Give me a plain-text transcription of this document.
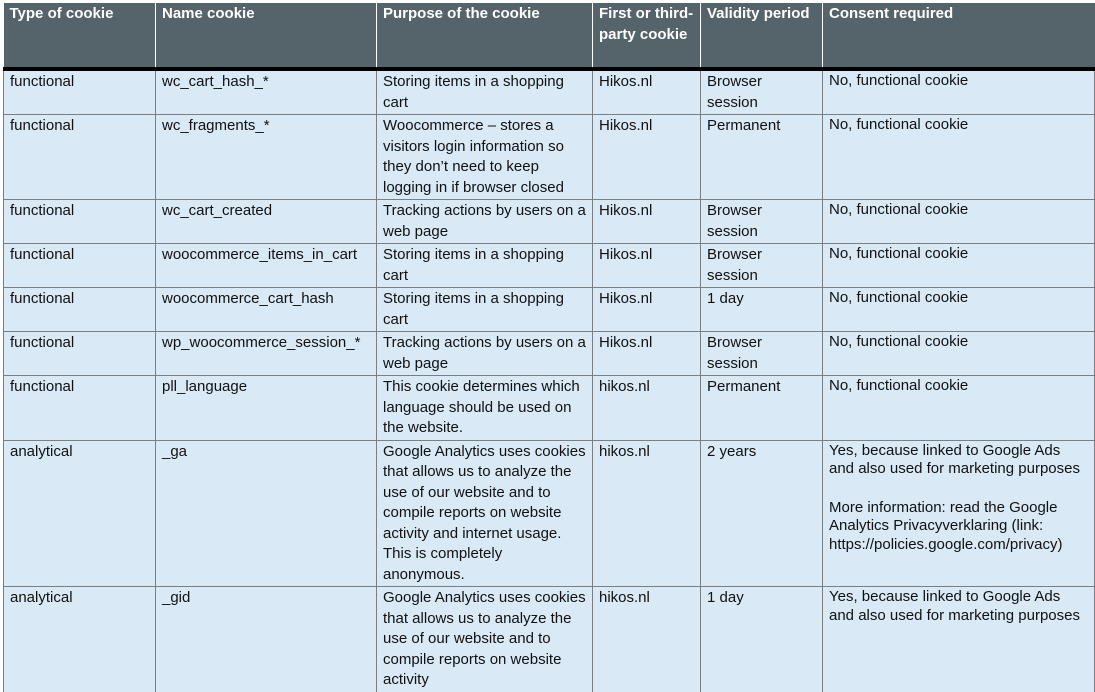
Type of cookie	Name cookie	Purpose of the cookie	First or third-party cookie	Validity period	Consent required
functional	wc_cart_hash_*	Storing items in a shopping cart	Hikos.nl	Browser session	No, functional cookie
functional	wc_fragments_*	Woocommerce – stores a visitors login information so they don’t need to keep logging in if browser closed	Hikos.nl	Permanent	No, functional cookie
functional	wc_cart_created	Tracking actions by users on a web page	Hikos.nl	Browser session	No, functional cookie
functional	woocommerce_items_in_cart	Storing items in a shopping cart	Hikos.nl	Browser session	No, functional cookie
functional	woocommerce_cart_hash	Storing items in a shopping cart	Hikos.nl	1 day	No, functional cookie
functional	wp_woocommerce_session_*	Tracking actions by users on a web page	Hikos.nl	Browser session	No, functional cookie
functional	pll_language	This cookie determines which language should be used on the website.	hikos.nl	Permanent	No, functional cookie
analytical	_ga	Google Analytics uses cookies that allows us to analyze the use of our website and to compile reports on website activity and internet usage. This is completely anonymous.	hikos.nl	2 years	Yes, because linked to Google Ads and also used for marketing purposes
More information: read the Google Analytics Privacyverklaring (link: https://policies.google.com/privacy)
analytical	_gid	Google Analytics uses cookies that allows us to analyze the use of our website and to compile reports on website activity	hikos.nl	1 day	Yes, because linked to Google Ads and also used for marketing purposes
